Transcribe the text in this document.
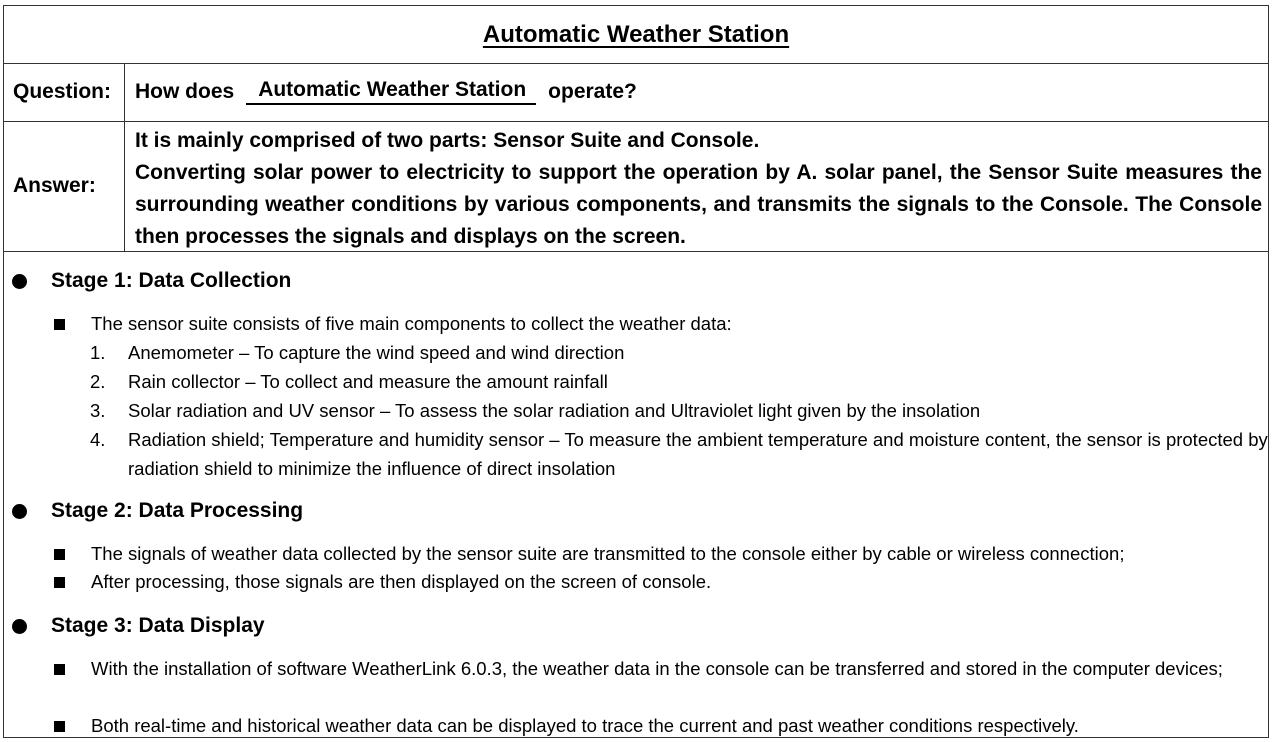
Automatic Weather Station
Question:	How does	Automatic Weather Station	operate?
Answer:
It is mainly comprised of two parts: Sensor Suite and Console.
Converting solar power to electricity to support the operation by A. solar panel, the Sensor Suite measures the surrounding weather conditions by various components, and transmits the signals to the Console. The Console then processes the signals and displays on the screen.
Stage 1: Data Collection
The sensor suite consists of five main components to collect the weather data:
1.	Anemometer – To capture the wind speed and wind direction
2.	Rain collector – To collect and measure the amount rainfall
3.	Solar radiation and UV sensor – To assess the solar radiation and Ultraviolet light given by the insolation
4.	Radiation shield; Temperature and humidity sensor – To measure the ambient temperature and moisture content, the sensor is protected by radiation shield to minimize the influence of direct insolation
Stage 2: Data Processing
The signals of weather data collected by the sensor suite are transmitted to the console either by cable or wireless connection;
After processing, those signals are then displayed on the screen of console.
Stage 3: Data Display
With the installation of software WeatherLink 6.0.3, the weather data in the console can be transferred and stored in the computer devices;
Both real-time and historical weather data can be displayed to trace the current and past weather conditions respectively.
